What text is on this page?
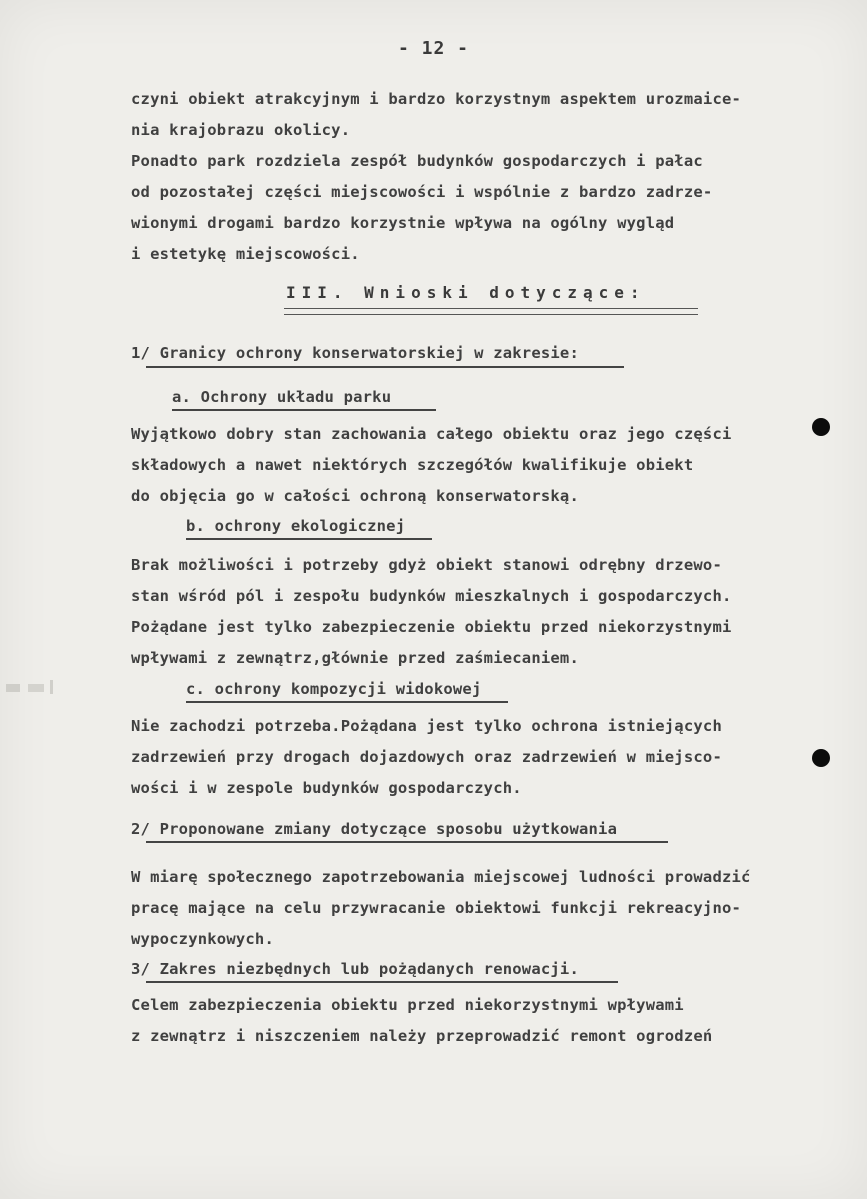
- 12 -
czyni obiekt atrakcyjnym i bardzo korzystnym aspektem urozmaice-
nia krajobrazu okolicy.
Ponadto park rozdziela zespół budynków gospodarczych i pałac
od pozostałej części miejscowości i wspólnie z bardzo zadrze-
wionymi drogami bardzo korzystnie wpływa na ogólny wygląd
i estetykę miejscowości.
III. Wnioski dotyczące:
1/ Granicy ochrony konserwatorskiej w zakresie:
a. Ochrony układu parku
Wyjątkowo dobry stan zachowania całego obiektu oraz jego części
składowych a nawet niektórych szczegółów kwalifikuje obiekt
do objęcia go w całości ochroną konserwatorską.
b. ochrony ekologicznej
Brak możliwości i potrzeby gdyż obiekt stanowi odrębny drzewo-
stan wśród pól i zespołu budynków mieszkalnych i gospodarczych.
Pożądane jest tylko zabezpieczenie obiektu przed niekorzystnymi
wpływami z zewnątrz,głównie przed zaśmiecaniem.
c. ochrony kompozycji widokowej
Nie zachodzi potrzeba.Pożądana jest tylko ochrona istniejących
zadrzewień przy drogach dojazdowych oraz zadrzewień w miejsco-
wości i w zespole budynków gospodarczych.
2/ Proponowane zmiany dotyczące sposobu użytkowania
W miarę społecznego zapotrzebowania miejscowej ludności prowadzić
pracę mające na celu przywracanie obiektowi funkcji rekreacyjno-
wypoczynkowych.
3/ Zakres niezbędnych lub pożądanych renowacji.
Celem zabezpieczenia obiektu przed niekorzystnymi wpływami
z zewnątrz i niszczeniem należy przeprowadzić remont ogrodzeń
